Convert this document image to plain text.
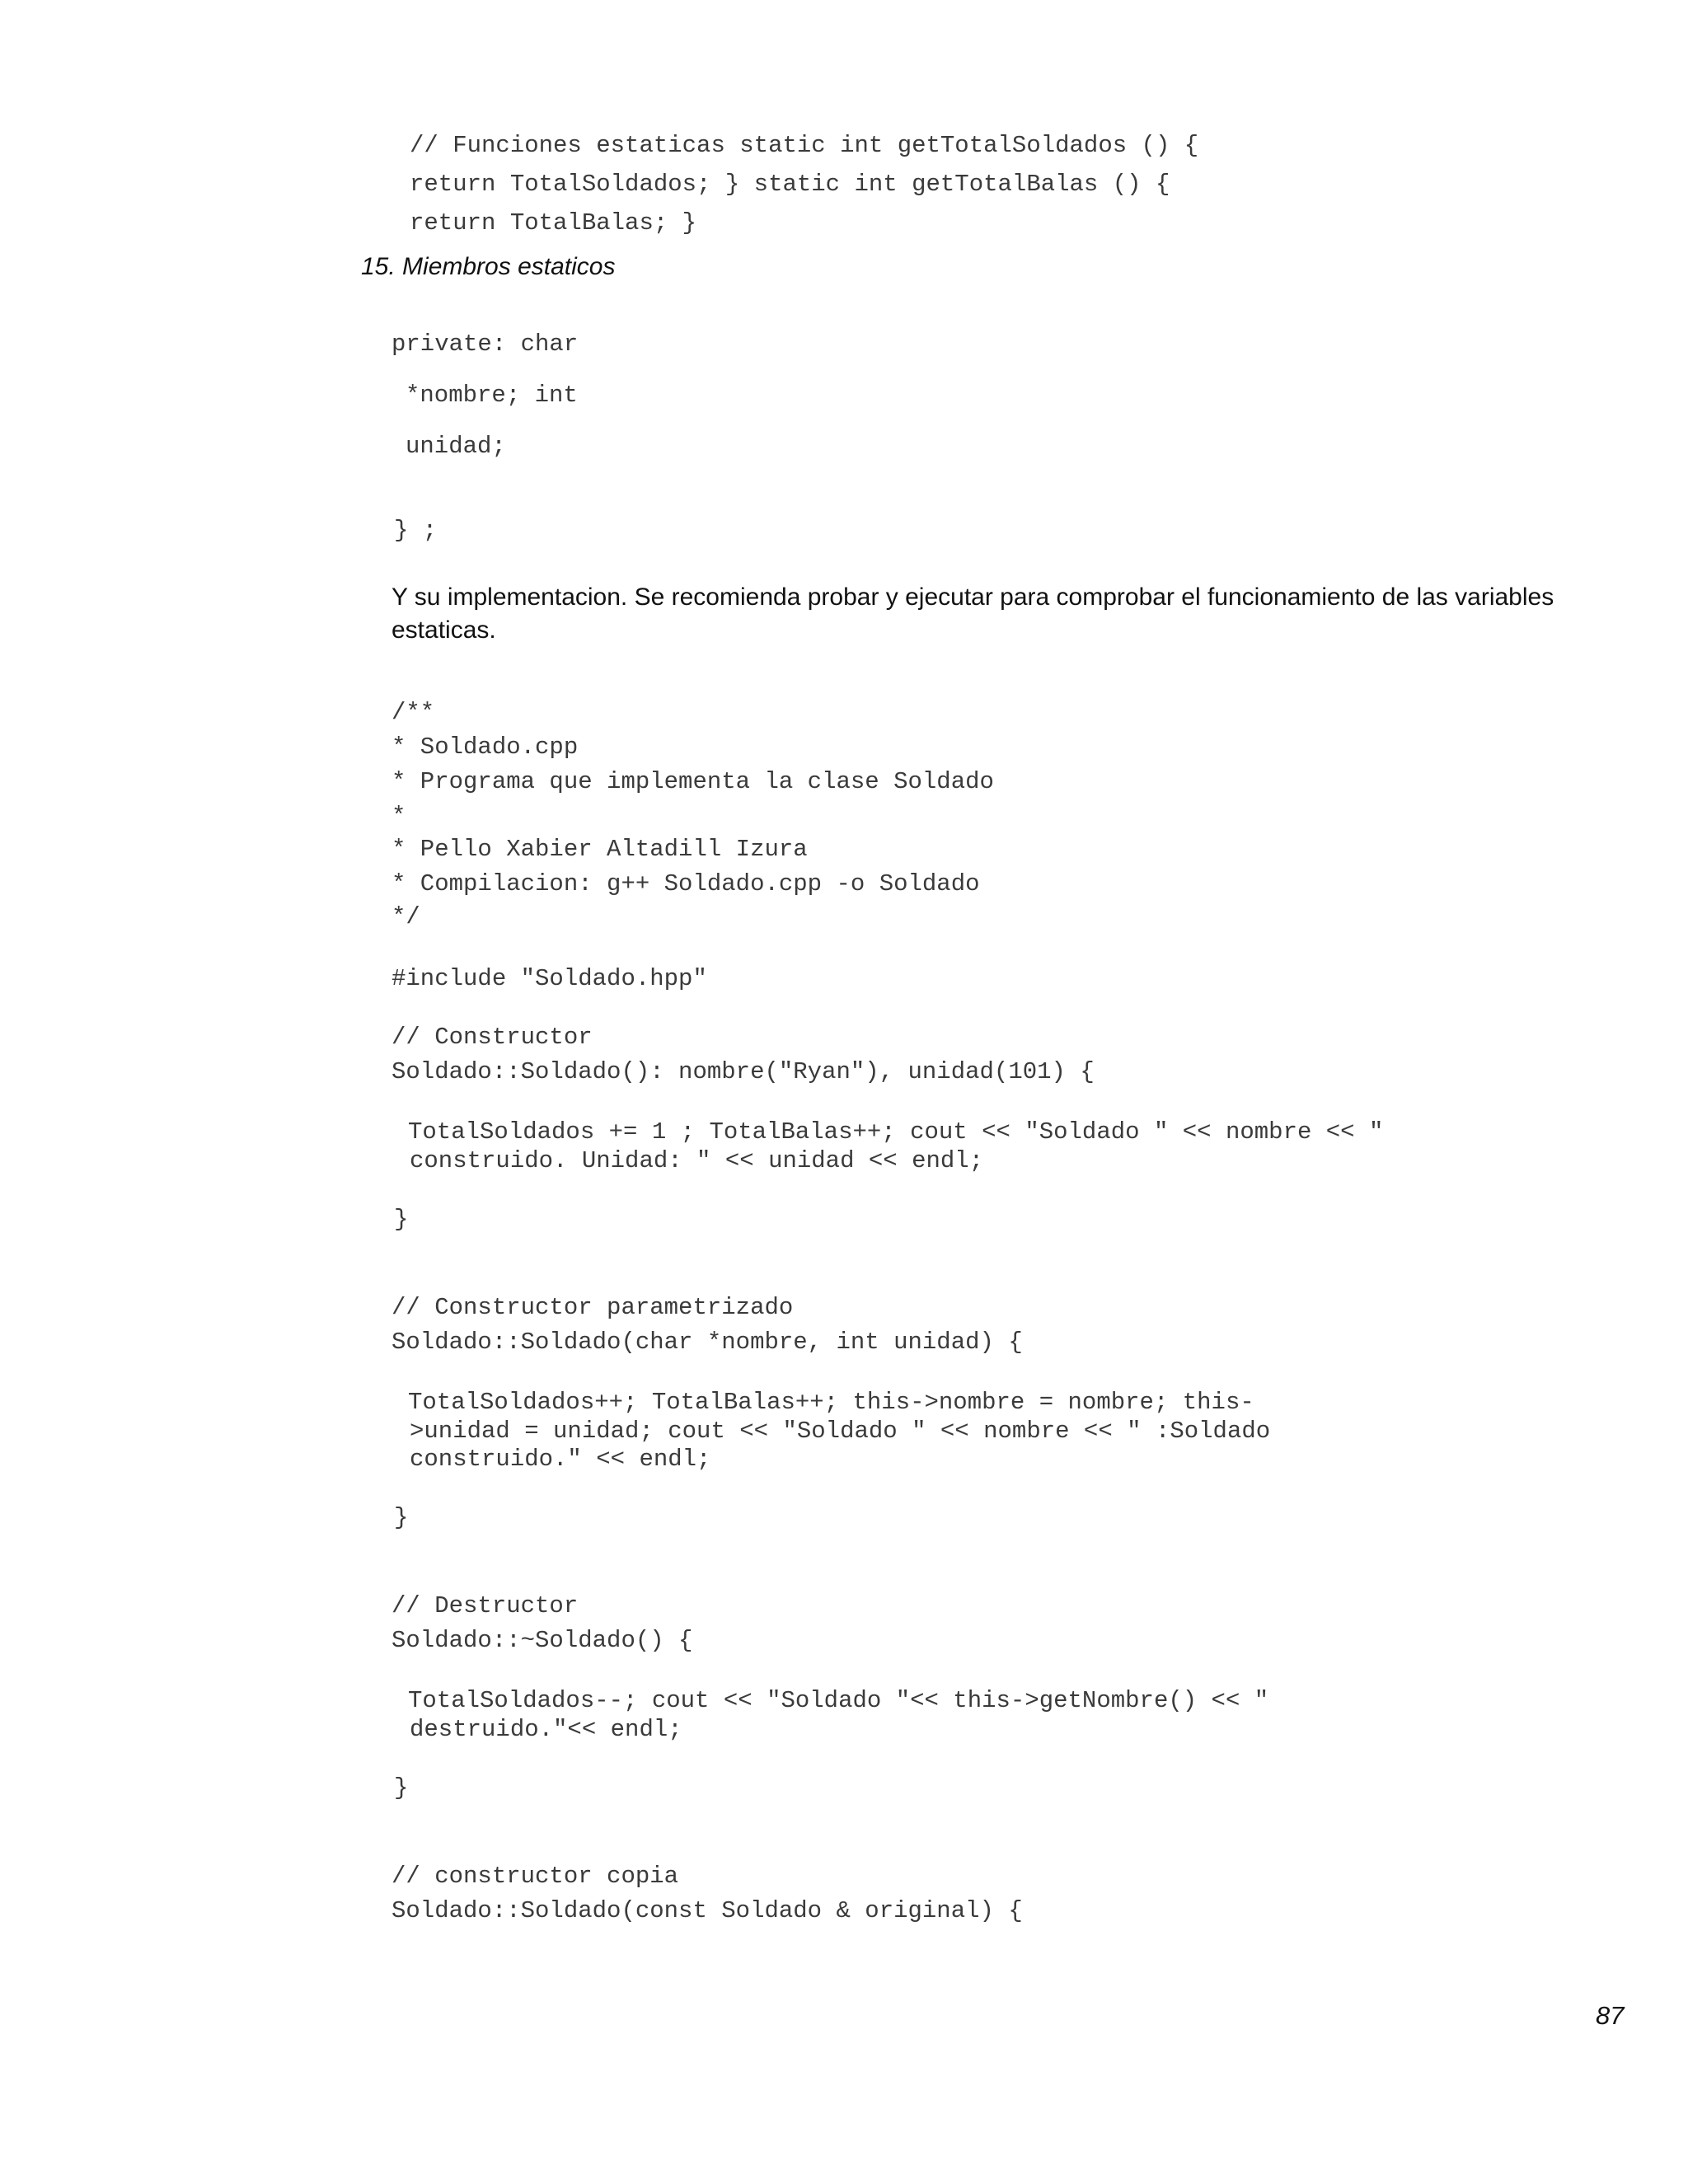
// Funciones estaticas static int getTotalSoldados () {
return TotalSoldados; } static int getTotalBalas () {
return TotalBalas; }
15. Miembros estaticos
private: char
*nombre; int
unidad;
} ;
Y su implementacion. Se recomienda probar y ejecutar para comprobar el funcionamiento de las variables estaticas.
/**
* Soldado.cpp
* Programa que implementa la clase Soldado
*
* Pello Xabier Altadill Izura
* Compilacion: g++ Soldado.cpp -o Soldado
*/
#include "Soldado.hpp"
// Constructor
Soldado::Soldado(): nombre("Ryan"), unidad(101) {
TotalSoldados += 1 ; TotalBalas++; cout << "Soldado " << nombre << "
construido. Unidad: " << unidad << endl;
}
// Constructor parametrizado
Soldado::Soldado(char *nombre, int unidad) {
TotalSoldados++; TotalBalas++; this->nombre = nombre; this-
>unidad = unidad; cout << "Soldado " << nombre << " :Soldado
construido." << endl;
}
// Destructor
Soldado::~Soldado() {
TotalSoldados--; cout << "Soldado "<< this->getNombre() << "
destruido."<< endl;
}
// constructor copia
Soldado::Soldado(const Soldado & original) {
87
